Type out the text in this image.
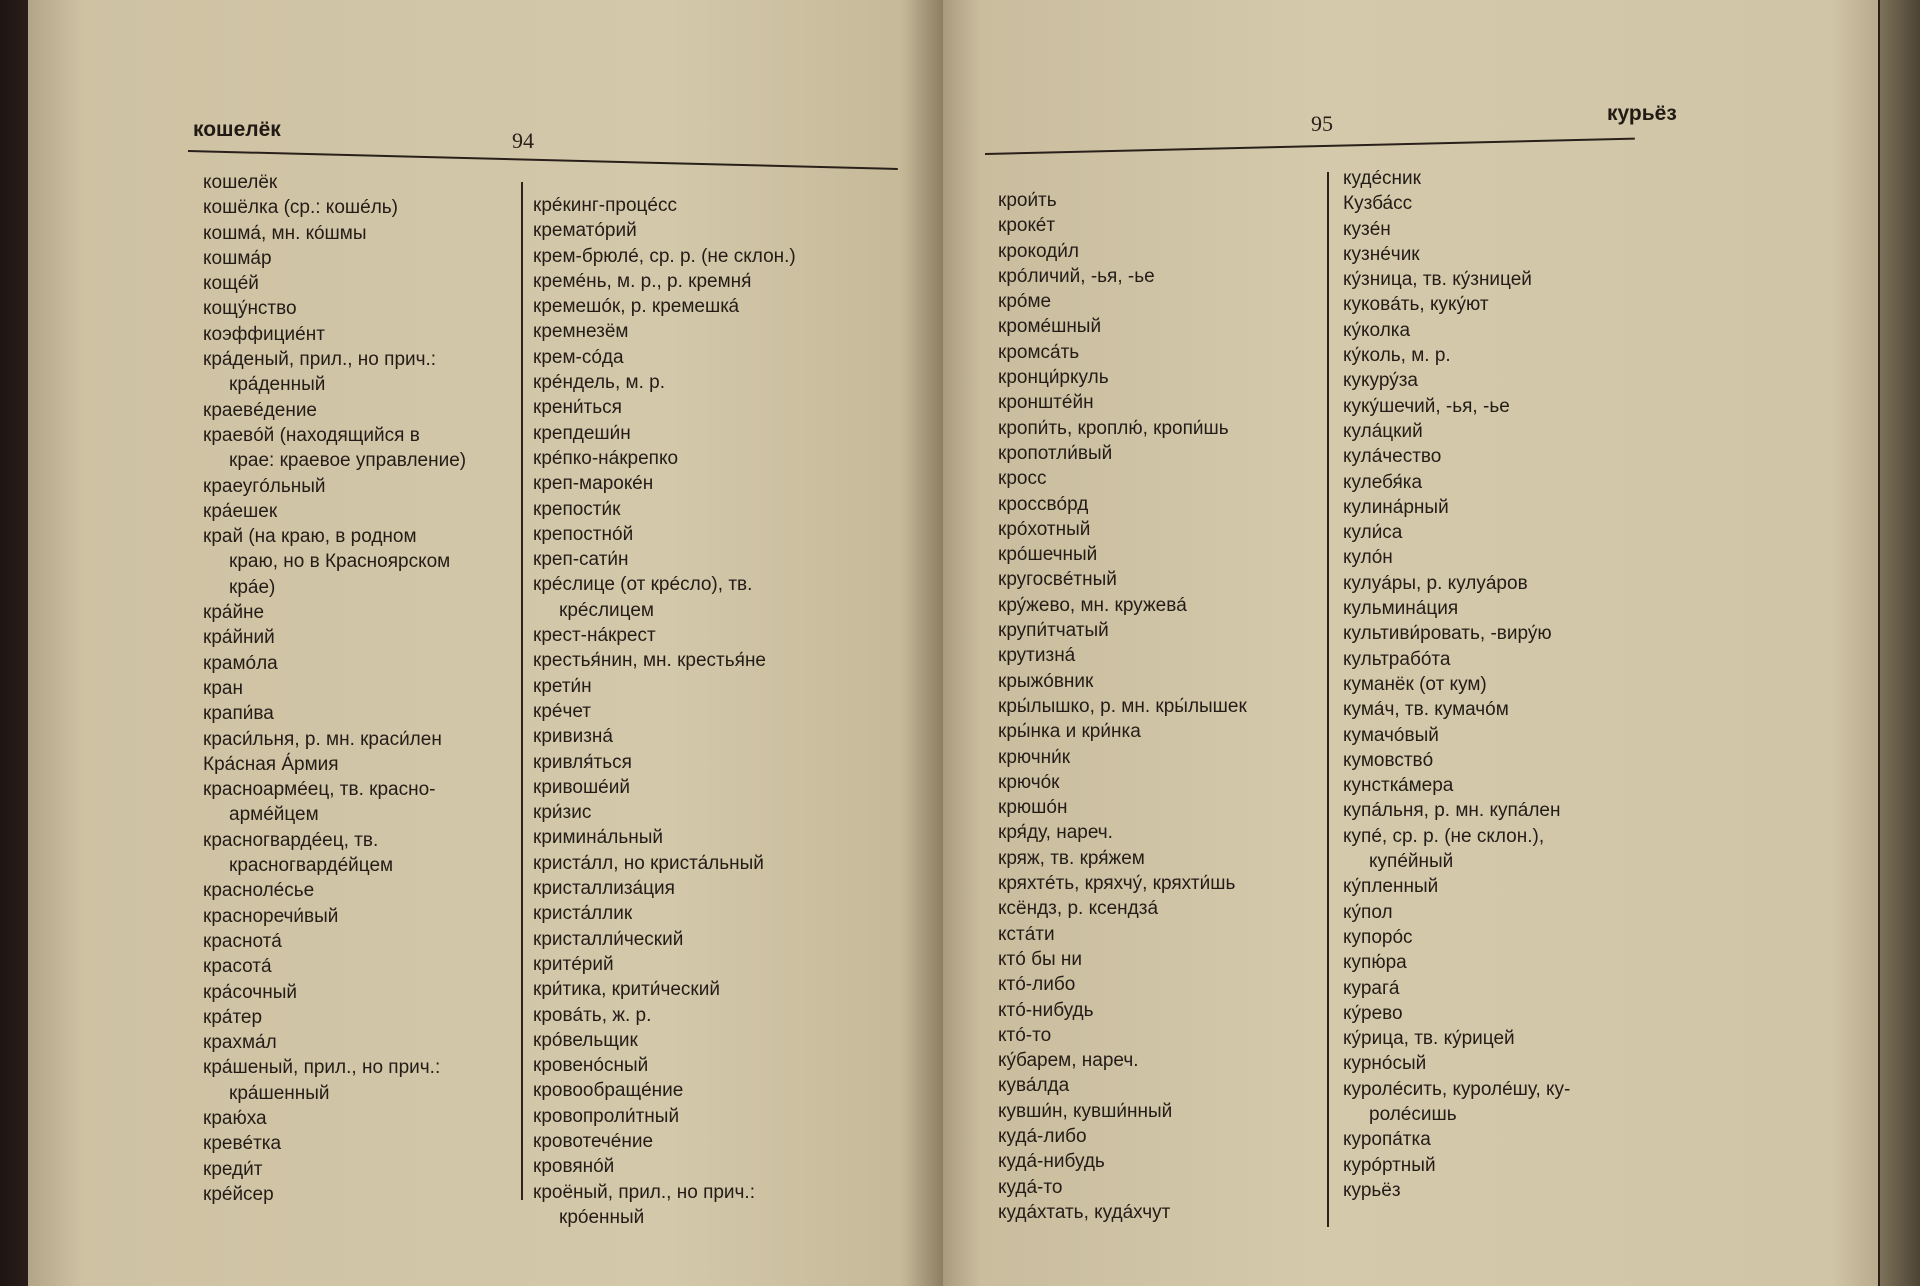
кошелёк	94
кошелёк
кошёлка (ср.: кошéль)
кошма́, мн. кóшмы
кошма́р
кощéй
кощу́нство
коэффициéнт
кра́деный, прил., но прич.:
кра́денный
краевéдение
краевóй (находящийся в
крае: краевое управление)
краеугóльный
кра́ешек
край (на краю, в родном
краю, но в Красноярском
крáе)
кра́йне
кра́йний
крамóла
кран
крапи́ва
краси́льня, р. мн. краси́лен
Кра́сная А́рмия
красноармéец, тв. красно-
армéйцем
красногвардéец, тв.
красногвардéйцем
краснолéсье
красноречи́вый
краснотá
красотá
кра́сочный
кра́тер
крахма́л
кра́шеный, прил., но прич.:
кра́шенный
краю́ха
кревéтка
креди́т
крéйсер
крéкинг-процéсс
крематóрий
крем-брюлé, ср. р. (не склон.)
кремéнь, м. р., р. кремня́
кремешóк, р. кремешкá
кремнезём
крем-сóда
крéндель, м. р.
крени́ться
крепдеши́н
крéпко-нáкрепко
креп-марокéн
крепости́к
крепостнóй
креп-сати́н
крéслице (от крéсло), тв.
крéслицем
крест-нáкрест
крестья́нин, мн. крестья́не
крети́н
крéчет
кривизнá
кривля́ться
кривошéий
кри́зис
кримина́льный
криста́лл, но криста́льный
кристаллиза́ция
криста́ллик
кристалли́ческий
критéрий
кри́тика, крити́ческий
кровáть, ж. р.
крóвельщик
кровенóсный
кровообращéние
кровопроли́тный
кровотечéние
кровянóй
кроёный, прил., но прич.:
крóенный
95	курьёз
крои́ть
крокéт
крокоди́л
крóличий, -ья, -ье
крóме
кромéшный
кромса́ть
кронци́ркуль
кронштéйн
кропи́ть, кроплю́, кропи́шь
кропотли́вый
кросс
кроссвóрд
крóхотный
крóшечный
кругосвéтный
кру́жево, мн. кружевá
крупи́тчатый
крутизнá
крыжóвник
кры́лышко, р. мн. кры́лышек
кры́нка и кри́нка
крючни́к
крючóк
крюшóн
кря́ду, нареч.
кряж, тв. кря́жем
кряхтéть, кряхчу́, кряхти́шь
ксёндз, р. ксендзá
кстáти
ктó бы ни
ктó-либо
ктó-нибудь
ктó-то
ку́барем, нареч.
кува́лда
кувши́н, кувши́нный
кудá-либо
кудá-нибудь
кудá-то
кудáхтать, кудáхчут
кудéсник
Кузба́сс
кузéн
кузнéчик
ку́зница, тв. ку́зницей
куковáть, куку́ют
ку́колка
ку́коль, м. р.
кукуру́за
куку́шечий, -ья, -ье
кулáцкий
кулáчество
кулебя́ка
кулина́рный
кули́са
кулóн
кулуáры, р. кулуáров
кульминáция
культиви́ровать, -виру́ю
культрабóта
куманёк (от кум)
кумáч, тв. кумачóм
кумачóвый
кумовствó
кунсткáмера
купáльня, р. мн. купáлен
купé, ср. р. (не склон.),
купéйный
ку́пленный
ку́пол
купорóс
купю́ра
курагá
ку́рево
ку́рица, тв. ку́рицей
курнóсый
куролéсить, куролéшу, ку-
ролéсишь
куропáтка
курóртный
курьёз
